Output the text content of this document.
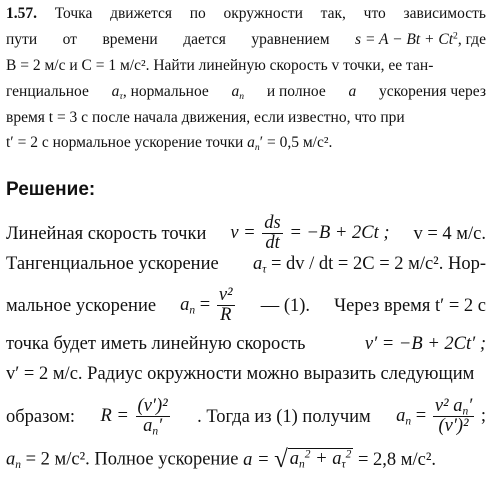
1.57. Точка движется по окружности так, что зависимость
пути от времени дается уравнением $s = A - Bt + Ct^2$, где
B = 2 м/с и C = 1 м/с². Найти линейную скорость v точки, ее тан-
генциальное $a_\tau$, нормальное $a_n$ и полное a ускорения через
время t = 3 с после начала движения, если известно, что при
t′ = 2 с нормальное ускорение точки $a_n' = 0,5$ м/с².
Решение:
Линейная скорость точки $v = \frac{ds}{dt} = -B + 2Ct$ ; v = 4 м/с.
Тангенциальное ускорение $a_\tau$ = dv / dt = 2C = 2 м/с². Нор-
мальное ускорение $a_n = \frac{\text{v²}}{R}$ — (1). Через время t′ = 2 с
точка будет иметь линейную скорость	v′ = −B + 2Ct′ ;
v′ = 2 м/с. Радиус окружности можно выразить следующим
образом: $R = \frac{\text{(v′)²}}{a_n'}$ . Тогда из (1) получим $a_n = \frac{v^2 a_n'}{\text{(v′)²}}$ ;
$a_n = 2$ м/с². Полное ускорение a = √ $a_n^2 + a_\tau^2 = 2,8$ м/с².
